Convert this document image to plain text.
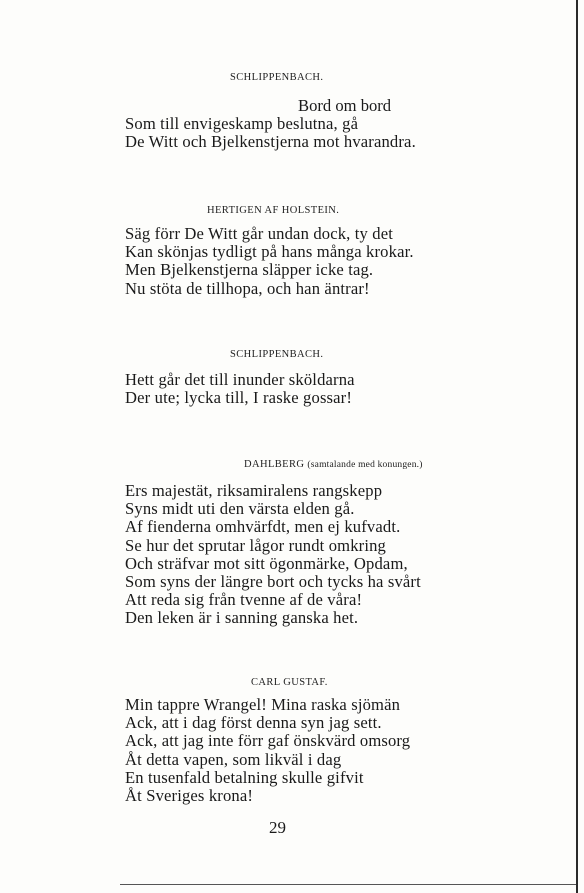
SCHLIPPENBACH.
Bord om bord
Som till envigeskamp beslutna, gå
De Witt och Bjelkenstjerna mot hvarandra.
HERTIGEN AF HOLSTEIN.
Säg förr De Witt går undan dock, ty det
Kan skönjas tydligt på hans många krokar.
Men Bjelkenstjerna släpper icke tag.
Nu stöta de tillhopa, och han äntrar!
SCHLIPPENBACH.
Hett går det till inunder sköldarna
Der ute; lycka till, I raske gossar!
DAHLBERG (samtalande med konungen.)
Ers majestät, riksamiralens rangskepp
Syns midt uti den värsta elden gå.
Af fienderna omhvärfdt, men ej kufvadt.
Se hur det sprutar lågor rundt omkring
Och sträfvar mot sitt ögonmärke, Opdam,
Som syns der längre bort och tycks ha svårt
Att reda sig från tvenne af de våra!
Den leken är i sanning ganska het.
CARL GUSTAF.
Min tappre Wrangel! Mina raska sjömän
Ack, att i dag först denna syn jag sett.
Ack, att jag inte förr gaf önskvärd omsorg
Åt detta vapen, som likväl i dag
En tusenfald betalning skulle gifvit
Åt Sveriges krona!
29
